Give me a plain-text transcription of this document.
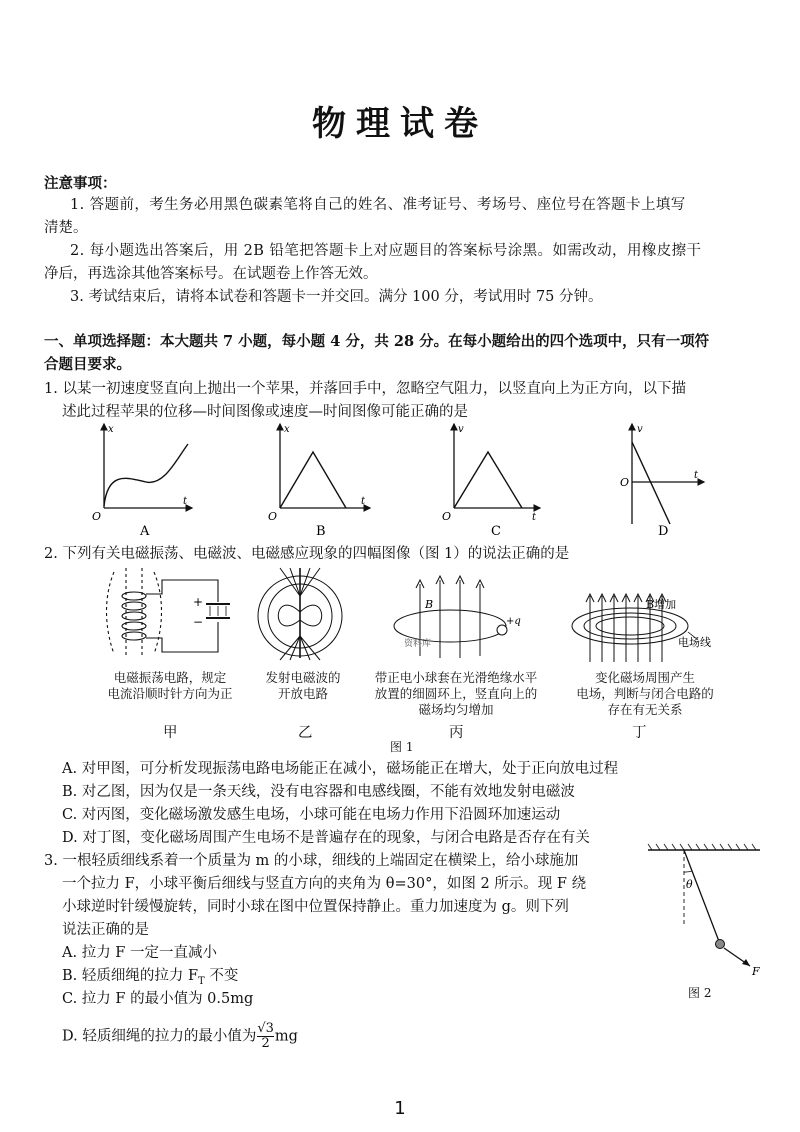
物理试卷
注意事项：
1. 答题前，考生务必用黑色碳素笔将自己的姓名、准考证号、考场号、座位号在答题卡上填写
清楚。
2. 每小题选出答案后，用 2B 铅笔把答题卡上对应题目的答案标号涂黑。如需改动，用橡皮擦干
净后，再选涂其他答案标号。在试题卷上作答无效。
3. 考试结束后，请将本试卷和答题卡一并交回。满分 100 分，考试用时 75 分钟。
一、单项选择题：本大题共 7 小题，每小题 4 分，共 28 分。在每小题给出的四个选项中，只有一项符
合题目要求。
1. 以某一初速度竖直向上抛出一个苹果，并落回手中，忽略空气阻力，以竖直向上为正方向，以下描
述此过程苹果的位移—时间图像或速度—时间图像可能正确的是
x
t
O
A
x
t
O
B
v
t
O
C
v
t
O
D
2. 下列有关电磁振荡、电磁波、电磁感应现象的四幅图像（图 1）的说法正确的是
+
−
B
+q
资料库
B增加
电场线
电磁振荡电路，规定
电流沿顺时针方向为正
发射电磁波的
开放电路
带正电小球套在光滑绝缘水平
放置的细圆环上，竖直向上的
磁场均匀增加
变化磁场周围产生
电场，判断与闭合电路的
存在有无关系
甲	乙	丙	丁
图 1
A. 对甲图，可分析发现振荡电路电场能正在减小，磁场能正在增大，处于正向放电过程
B. 对乙图，因为仅是一条天线，没有电容器和电感线圈，不能有效地发射电磁波
C. 对丙图，变化磁场激发感生电场，小球可能在电场力作用下沿圆环加速运动
D. 对丁图，变化磁场周围产生电场不是普遍存在的现象，与闭合电路是否存在有关
3. 一根轻质细线系着一个质量为 m 的小球，细线的上端固定在横梁上，给小球施加
一个拉力 F，小球平衡后细线与竖直方向的夹角为 θ=30°，如图 2 所示。现 F 绕
小球逆时针缓慢旋转，同时小球在图中位置保持静止。重力加速度为 g。则下列
说法正确的是
A. 拉力 F 一定一直减小
B. 轻质细绳的拉力 $F_T$ 不变
C. 拉力 F 的最小值为 0.5mg
D. 轻质细绳的拉力的最小值为 $\frac{√3}{2}$ mg
θ
F
图 2
1
